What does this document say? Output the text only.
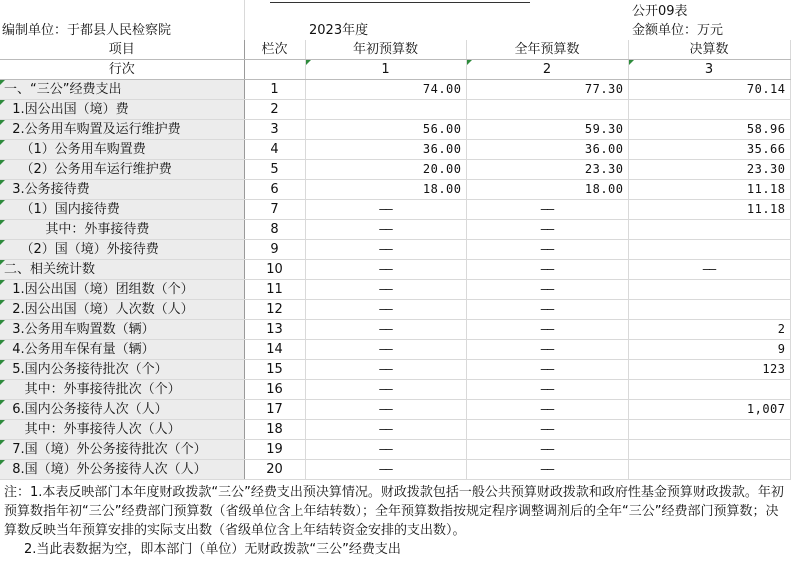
公开09表
编制单位：于都县人民检察院	2023年度	金额单位：万元
项目	栏次	年初预算数	全年预算数	决算数
行次		1	2	3

一、“三公”经费支出	1	74.00	77.30	70.14

1.因公出国（境）费	2			

2.公务用车购置及运行维护费	3	56.00	59.30	58.96

（1）公务用车购置费	4	36.00	36.00	35.66

（2）公务用车运行维护费	5	20.00	23.30	23.30

3.公务接待费	6	18.00	18.00	11.18

（1）国内接待费	7	——	——	11.18

其中：外事接待费	8	——	——	

（2）国（境）外接待费	9	——	——	

二、相关统计数	10	——	——	——

1.因公出国（境）团组数（个）	11	——	——	

2.因公出国（境）人次数（人）	12	——	——	

3.公务用车购置数（辆）	13	——	——	2

4.公务用车保有量（辆）	14	——	——	9

5.国内公务接待批次（个）	15	——	——	123

其中：外事接待批次（个）	16	——	——	

6.国内公务接待人次（人）	17	——	——	1,007

其中：外事接待人次（人）	18	——	——	

7.国（境）外公务接待批次（个）	19	——	——	

8.国（境）外公务接待人次（人）	20	——	——	

注：1.本表反映部门本年度财政拨款“三公”经费支出预决算情况。财政拨款包括一般公共预算财政拨款和政府性基金预算财政拨款。年初预算数指年初“三公”经费部门预算数（省级单位含上年结转数）；全年预算数指按规定程序调整调剂后的全年“三公”经费部门预算数；决算数反映当年预算安排的实际支出数（省级单位含上年结转资金安排的支出数）。

2.当此表数据为空，即本部门（单位）无财政拨款“三公”经费支出
